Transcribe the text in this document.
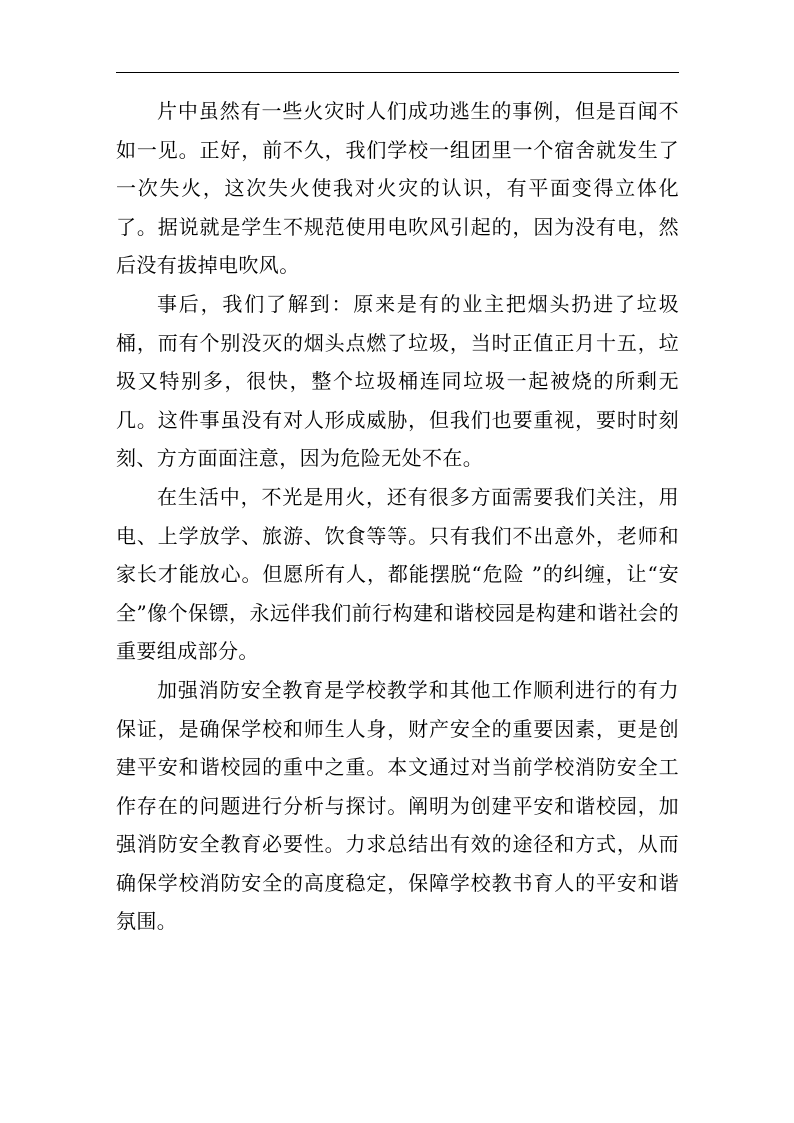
片中虽然有一些火灾时人们成功逃生的事例，但是百闻不如一见。正好，前不久，我们学校一组团里一个宿舍就发生了一次失火，这次失火使我对火灾的认识，有平面变得立体化了。据说就是学生不规范使用电吹风引起的，因为没有电，然后没有拔掉电吹风。

事后，我们了解到：原来是有的业主把烟头扔进了垃圾桶，而有个别没灭的烟头点燃了垃圾，当时正值正月十五，垃圾又特别多，很快，整个垃圾桶连同垃圾一起被烧的所剩无几。这件事虽没有对人形成威胁，但我们也要重视，要时时刻刻、方方面面注意，因为危险无处不在。

在生活中，不光是用火，还有很多方面需要我们关注，用电、上学放学、旅游、饮食等等。只有我们不出意外，老师和家长才能放心。但愿所有人，都能摆脱“危险 ”的纠缠，让“安全”像个保镖，永远伴我们前行构建和谐校园是构建和谐社会的重要组成部分。

加强消防安全教育是学校教学和其他工作顺利进行的有力保证，是确保学校和师生人身，财产安全的重要因素，更是创建平安和谐校园的重中之重。本文通过对当前学校消防安全工作存在的问题进行分析与探讨。阐明为创建平安和谐校园，加强消防安全教育必要性。力求总结出有效的途径和方式，从而确保学校消防安全的高度稳定，保障学校教书育人的平安和谐氛围。
